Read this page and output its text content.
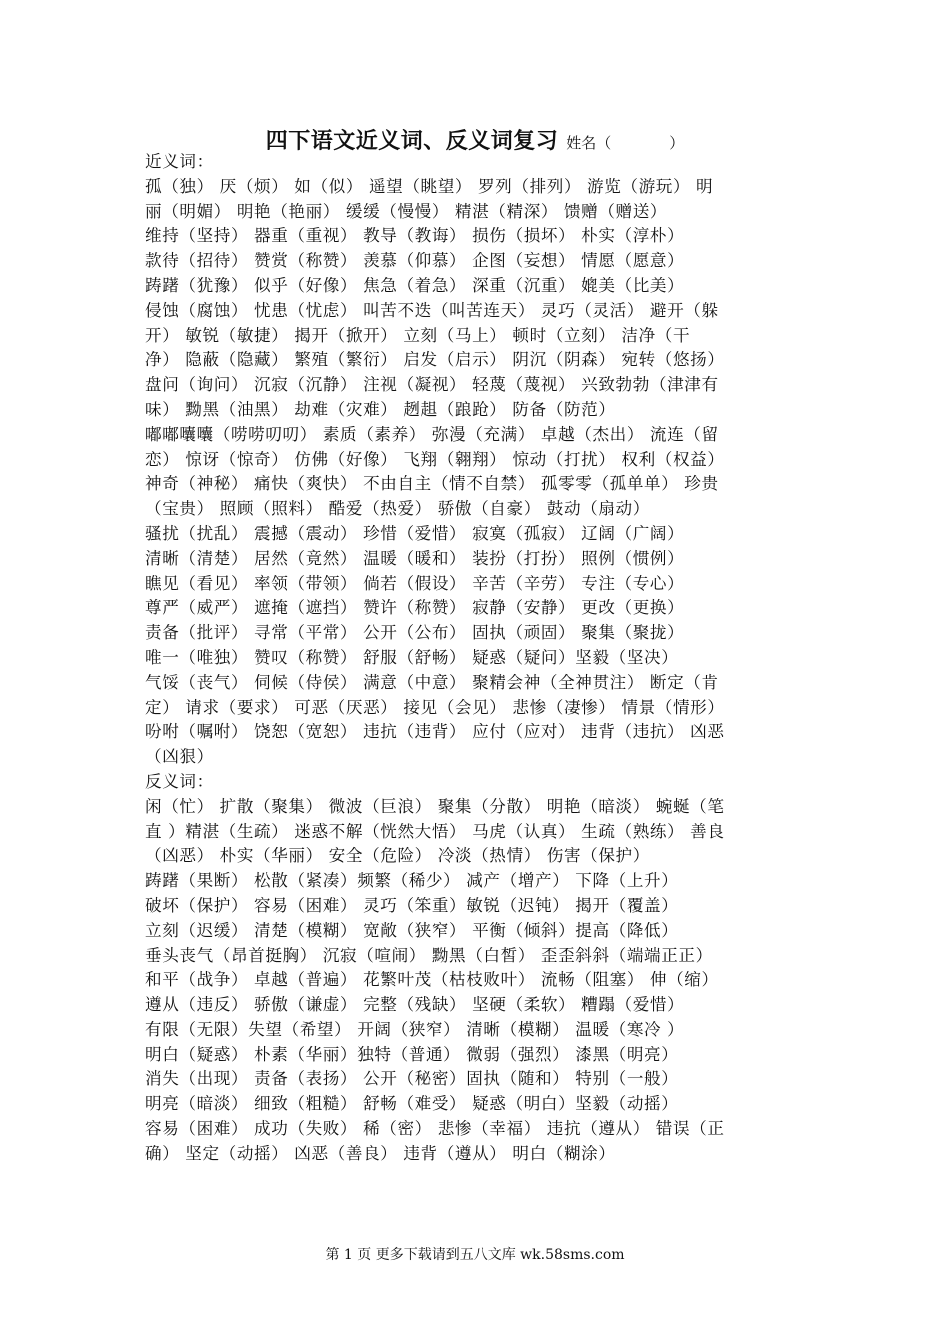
四下语文近义词、反义词复习 姓名（	）
近义词：
孤（独） 厌（烦） 如（似） 遥望（眺望） 罗列（排列） 游览（游玩） 明
丽（明媚） 明艳（艳丽） 缓缓（慢慢） 精湛（精深） 馈赠（赠送）
维持（坚持） 器重（重视） 教导（教诲） 损伤（损坏） 朴实（淳朴）
款待（招待） 赞赏（称赞） 羡慕（仰慕） 企图（妄想） 情愿（愿意）
踌躇（犹豫） 似乎（好像） 焦急（着急） 深重（沉重） 媲美（比美）
侵蚀（腐蚀） 忧患（忧虑） 叫苦不迭（叫苦连天） 灵巧（灵活） 避开（躲
开） 敏锐（敏捷） 揭开（掀开） 立刻（马上） 顿时（立刻） 洁净（干
净） 隐蔽（隐藏） 繁殖（繁衍） 启发（启示） 阴沉（阴森） 宛转（悠扬）
盘问（询问） 沉寂（沉静） 注视（凝视） 轻蔑（蔑视） 兴致勃勃（津津有
味） 黝黑（油黑） 劫难（灾难） 趔趄（踉跄） 防备（防范）
嘟嘟囔囔（唠唠叨叨） 素质（素养） 弥漫（充满） 卓越（杰出） 流连（留
恋） 惊讶（惊奇） 仿佛（好像） 飞翔（翱翔） 惊动（打扰） 权利（权益）
神奇（神秘） 痛快（爽快） 不由自主（情不自禁） 孤零零（孤单单） 珍贵
（宝贵） 照顾（照料） 酷爱（热爱） 骄傲（自豪） 鼓动（扇动）
骚扰（扰乱） 震撼（震动） 珍惜（爱惜） 寂寞（孤寂） 辽阔（广阔）
清晰（清楚） 居然（竟然） 温暖（暖和） 装扮（打扮） 照例（惯例）
瞧见（看见） 率领（带领） 倘若（假设） 辛苦（辛劳） 专注（专心）
尊严（威严） 遮掩（遮挡） 赞许（称赞） 寂静（安静） 更改（更换）
责备（批评） 寻常（平常） 公开（公布） 固执（顽固） 聚集（聚拢）
唯一（唯独） 赞叹（称赞） 舒服（舒畅） 疑惑（疑问）坚毅（坚决）
气馁（丧气） 伺候（侍侯） 满意（中意） 聚精会神（全神贯注） 断定（肯
定） 请求（要求） 可恶（厌恶） 接见（会见） 悲惨（凄惨） 情景（情形）
吩咐（嘱咐） 饶恕（宽恕） 违抗（违背） 应付（应对） 违背（违抗） 凶恶
（凶狠）
反义词：
闲（忙） 扩散（聚集） 微波（巨浪） 聚集（分散） 明艳（暗淡） 蜿蜒（笔
直 ）精湛（生疏） 迷惑不解（恍然大悟） 马虎（认真） 生疏（熟练） 善良
（凶恶） 朴实（华丽） 安全（危险） 冷淡（热情） 伤害（保护）
踌躇（果断） 松散（紧凑）频繁（稀少） 减产（增产） 下降（上升）
破坏（保护） 容易（困难） 灵巧（笨重）敏锐（迟钝） 揭开（覆盖）
立刻（迟缓） 清楚（模糊） 宽敞（狭窄） 平衡（倾斜）提高（降低）
垂头丧气（昂首挺胸） 沉寂（喧闹） 黝黑（白皙） 歪歪斜斜（端端正正）
和平（战争） 卓越（普遍） 花繁叶茂（枯枝败叶） 流畅（阻塞） 伸（缩）
遵从（违反） 骄傲（谦虚） 完整（残缺） 坚硬（柔软） 糟蹋（爱惜）
有限（无限）失望（希望） 开阔（狭窄） 清晰（模糊） 温暖（寒冷 ）
明白（疑惑） 朴素（华丽）独特（普通） 微弱（强烈） 漆黑（明亮）
消失（出现） 责备（表扬） 公开（秘密）固执（随和） 特别（一般）
明亮（暗淡） 细致（粗糙） 舒畅（难受） 疑惑（明白）坚毅（动摇）
容易（困难） 成功（失败） 稀（密） 悲惨（幸福） 违抗（遵从） 错误（正
确） 坚定（动摇） 凶恶（善良） 违背（遵从） 明白（糊涂）
第 1 页 更多下载请到五八文库 wk.58sms.com
